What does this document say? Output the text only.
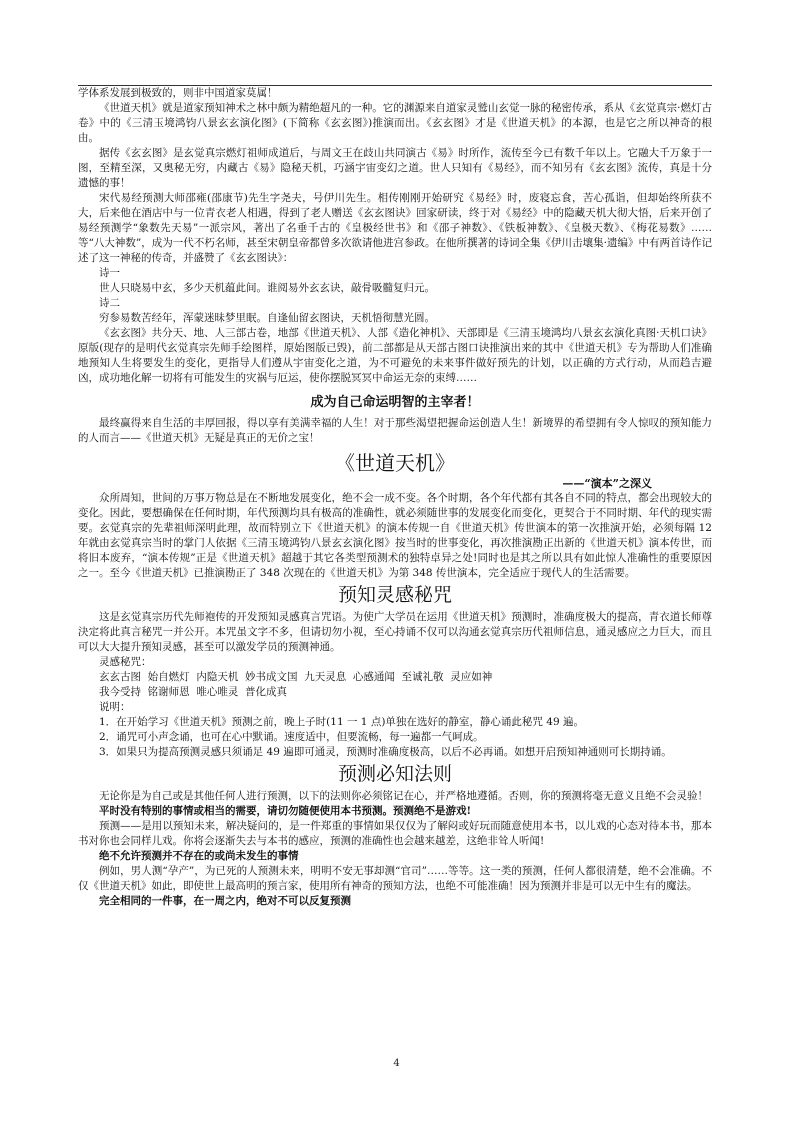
学体系发展到极致的，则非中国道家莫属！

《世道天机》就是道家预知神术之林中颇为精绝超凡的一种。它的渊源来自道家灵鹫山玄觉一脉的秘密传承，系从《玄觉真宗·燃灯古卷》中的《三清玉境鸿钧八景玄玄演化图》(下简称《玄玄图》)推演而出。《玄玄图》才是《世道天机》的本源，也是它之所以神奇的根由。

据传《玄玄图》是玄觉真宗燃灯祖师成道后，与周文王在歧山共同演古《易》时所作，流传至今已有数千年以上。它融大千万象于一图，至精至深，又奥秘无穷，内藏古《易》隐秘天机，巧涵宇宙变幻之道。世人只知有《易经》，而不知另有《玄玄图》流传，真是十分遗憾的事！

宋代易经预测大师邵雍(邵康节)先生字尧夫，号伊川先生。相传刚刚开始研究《易经》时，废寝忘食，苦心孤诣，但却始终所获不大，后来他在酒店中与一位青衣老人相遇，得到了老人赠送《玄玄图诀》回家研读，终于对《易经》中的隐藏天机大彻大悟，后来开创了易经预测学“象数先天易”一派宗风，著出了名垂千古的《皇极经世书》和《邵子神数》、《铁板神数》、《皇极天数》、《梅花易数》……等“八大神数”，成为一代不朽名师，甚至宋朝皇帝都曾多次欲请他进宫参政。在他所撰著的诗词全集《伊川击壤集·遗编》中有两首诗作记述了这一神秘的传奇，并盛赞了《玄玄图诀》：

诗一

世人只晓易中玄，多少天机蕴此间。谁阅易外玄玄诀，敲骨吸髓复归元。

诗二

穷参易数苦经年，浑蒙迷昧梦里眠。自逢仙留玄图诀，天机悟彻慧光圆。

《玄玄图》共分天、地、人三部古卷，地部《世道天机》、人部《造化神机》、天部即是《三清玉境鸿均八景玄玄演化真图·天机口诀》原版(现存的是明代玄觉真宗先师手绘图样，原始图版已毁)，前二部都是从天部古图口诀推演出来的其中《世道天机》专为帮助人们准确地预知人生将要发生的变化，更指导人们遵从宇宙变化之道，为不可避免的未来事件做好预先的计划，以正确的方式行动，从而趋吉避凶，成功地化解一切将有可能发生的灾祸与厄运，使你摆脱冥冥中命运无奈的束缚……

成为自己命运明智的主宰者！

最终赢得来自生活的丰厚回报，得以享有美满幸福的人生！对于那些渴望把握命运创造人生！新境界的希望拥有令人惊叹的预知能力的人而言——《世道天机》无疑是真正的无价之宝！

《世道天机》
——“演本”之深义

众所周知，世间的万事万物总是在不断地发展变化，绝不会一成不变。各个时期，各个年代都有其各自不同的特点，都会出现较大的变化。因此，要想确保在任何时期，年代预测均具有极高的准确性，就必须随世事的发展变化而变化，更契合于不同时期、年代的现实需要。玄觉真宗的先辈祖师深明此理，故而特别立下《世道天机》的演本传规一自《世道天机》传世演本的第一次推演开始，必须每隔 12 年就由玄觉真宗当时的掌门人依据《三清玉境鸿钧八景玄玄演化图》按当时的世事变化，再次推演勘正出新的《世道天机》演本传世，而将旧本废弃，“演本传规”正是《世道天机》超越于其它各类型预测术的独特卓异之处!同时也是其之所以具有如此惊人准确性的重要原因之一。至今《世道天机》已推演勘正了 348 次现在的《世道天机》为第 348 传世演本，完全适应于现代人的生活需要。

预知灵感秘咒

这是玄觉真宗历代先师袍传的开发预知灵感真言咒语。为使广大学员在运用《世道天机》预测时，准确度极大的提高，青衣道长师尊決定将此真言秘咒一并公开。本咒虽文字不多，但请切勿小视，至心持诵不仅可以沟通玄觉真宗历代祖师信息，通灵感应之力巨大，而且可以大大提升预知灵感，甚至可以激发学员的预测神通。

灵感秘咒：

玄玄古图  始自燃灯  内隐天机  妙书成文国  九天灵息  心感通闻  至诚礼敬  灵应如神

我今受持  铭谢师恩  唯心唯灵  普化成真

说明：

1．在开始学习《世道天机》预测之前，晚上子时(11 一 1 点)单独在选好的静室，静心诵此秘咒 49 遍。

2．诵咒可小声念诵，也可在心中默诵。速度适中，但要流畅，每一遍都一气呵成。

3．如果只为提高预测灵感只须诵足 49 遍即可通灵，预测时准确度极高，以后不必再诵。如想开启预知神通则可长期持诵。

预测必知法则

无论你是为自己或是其他任何人进行预测，以下的法则你必须铭记在心，并严格地遵循。否则，你的预测将毫无意义且绝不会灵验！

平时没有特别的事情或相当的需要，请切勿随便使用本书预测。预测绝不是游戏!

预测——是用以预知未来，解决疑问的，是一件郑重的事情如果仅仅为了解闷或好玩而随意使用本书，以儿戏的心态对待本书，那本书对你也会同样儿戏。你将会逐渐失去与本书的感应，预测的准确性也会越来越差，这绝非耸人听闻!

绝不允许预测并不存在的或尚未发生的事情

例如，男人测“孕产”，为已死的人预测未来，明明不安无事却测“官司”……等等。这一类的预测，任何人都很清楚，绝不会准确。不仅《世道天机》如此，即使世上最高明的预言家，使用所有神奇的预知方法，也绝不可能准确！因为预测并非是可以无中生有的魔法。

完全相同的一件事，在一周之内，绝对不可以反复预测

4
